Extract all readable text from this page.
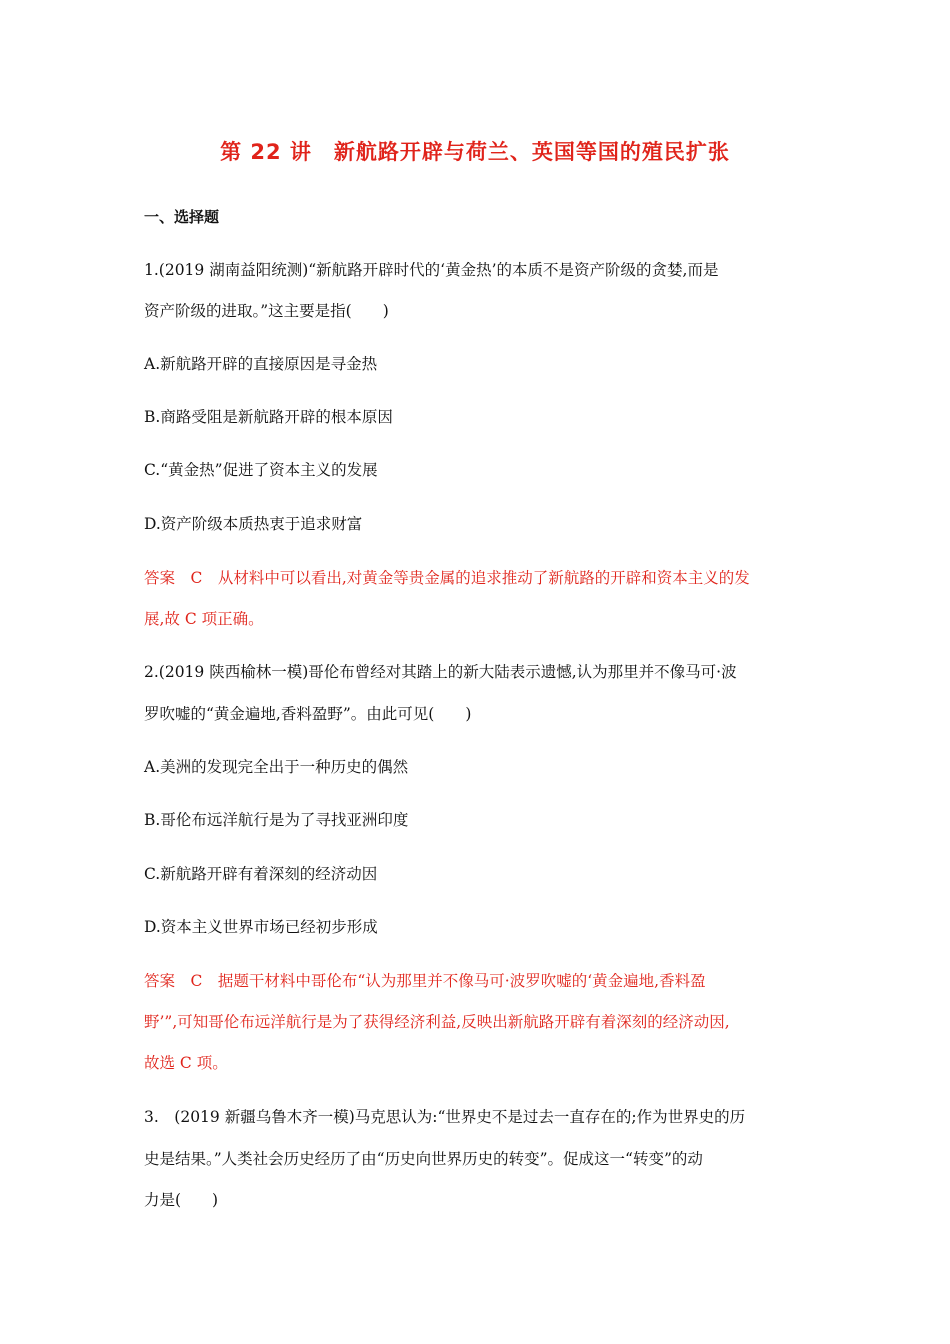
第 22 讲　新航路开辟与荷兰、英国等国的殖民扩张
一、选择题
1.(2019 湖南益阳统测)“新航路开辟时代的‘黄金热’的本质不是资产阶级的贪婪,而是
资产阶级的进取。”这主要是指(　　)
A.新航路开辟的直接原因是寻金热
B.商路受阻是新航路开辟的根本原因
C.“黄金热”促进了资本主义的发展
D.资产阶级本质热衷于追求财富
答案　C　从材料中可以看出,对黄金等贵金属的追求推动了新航路的开辟和资本主义的发
展,故 C 项正确。
2.(2019 陕西榆林一模)哥伦布曾经对其踏上的新大陆表示遗憾,认为那里并不像马可·波
罗吹嘘的“黄金遍地,香料盈野”。由此可见(　　)
A.美洲的发现完全出于一种历史的偶然
B.哥伦布远洋航行是为了寻找亚洲印度
C.新航路开辟有着深刻的经济动因
D.资本主义世界市场已经初步形成
答案　C　据题干材料中哥伦布“认为那里并不像马可·波罗吹嘘的‘黄金遍地,香料盈
野’”,可知哥伦布远洋航行是为了获得经济利益,反映出新航路开辟有着深刻的经济动因,
故选 C 项。
3.　(2019 新疆乌鲁木齐一模)马克思认为:“世界史不是过去一直存在的;作为世界史的历
史是结果。”人类社会历史经历了由“历史向世界历史的转变”。促成这一“转变”的动
力是(　　)
